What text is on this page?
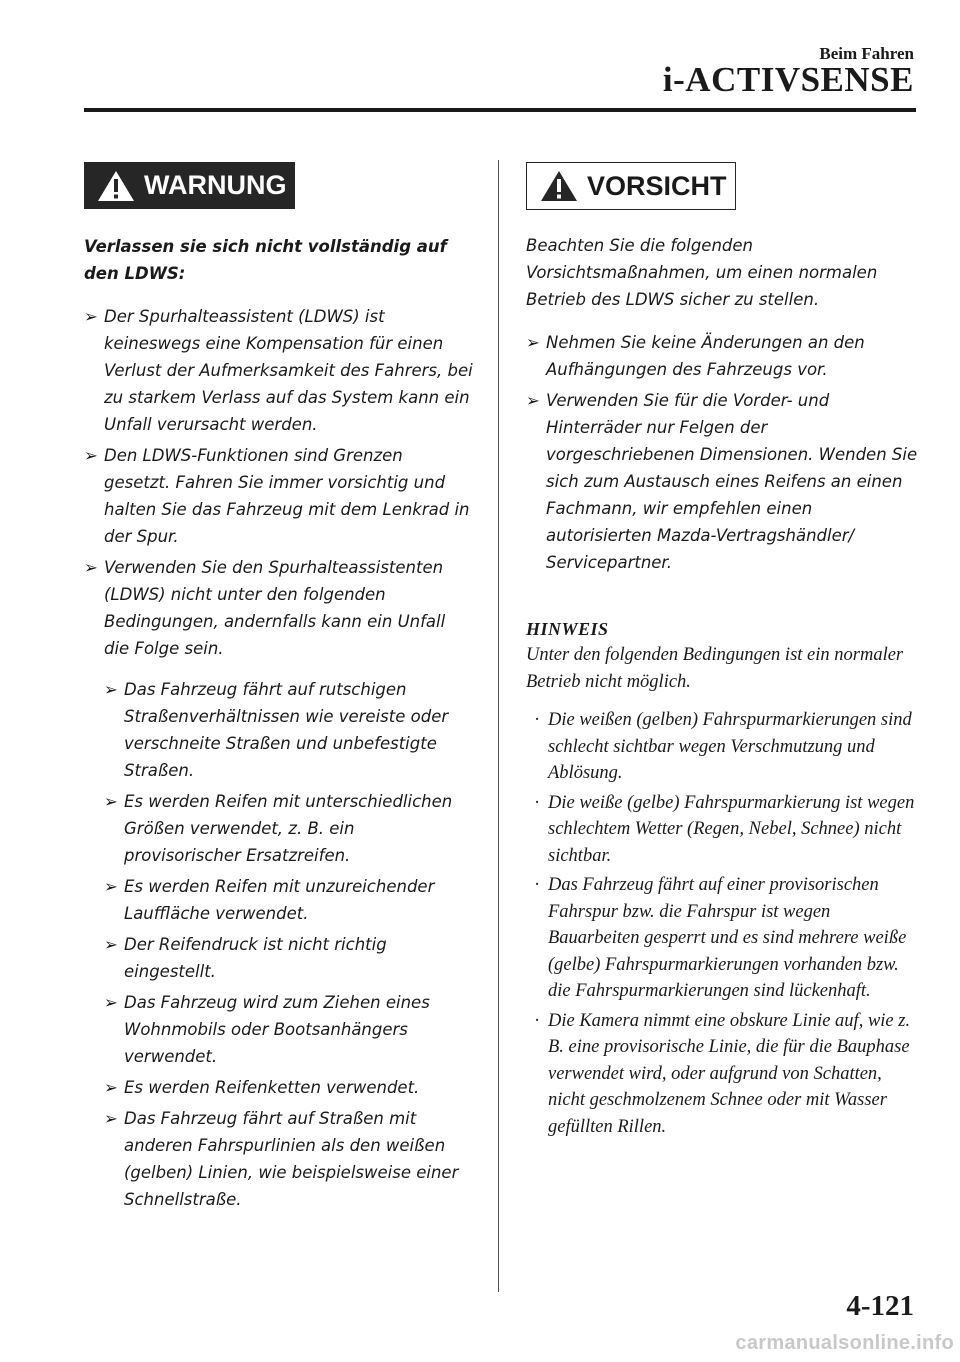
Beim Fahren
i-ACTIVSENSE
WARNUNG
Verlassen sie sich nicht vollständig auf den LDWS:
➢ Der Spurhalteassistent (LDWS) ist keineswegs eine Kompensation für einen Verlust der Aufmerksamkeit des Fahrers, bei zu starkem Verlass auf das System kann ein Unfall verursacht werden.
➢ Den LDWS-Funktionen sind Grenzen gesetzt. Fahren Sie immer vorsichtig und halten Sie das Fahrzeug mit dem Lenkrad in der Spur.
➢ Verwenden Sie den Spurhalteassistenten (LDWS) nicht unter den folgenden Bedingungen, andernfalls kann ein Unfall die Folge sein.
➢ Das Fahrzeug fährt auf rutschigen Straßenverhältnissen wie vereiste oder verschneite Straßen und unbefestigte Straßen.
➢ Es werden Reifen mit unterschiedlichen Größen verwendet, z. B. ein provisorischer Ersatzreifen.
➢ Es werden Reifen mit unzureichender Lauffläche verwendet.
➢ Der Reifendruck ist nicht richtig eingestellt.
➢ Das Fahrzeug wird zum Ziehen eines Wohnmobils oder Bootsanhängers verwendet.
➢ Es werden Reifenketten verwendet.
➢ Das Fahrzeug fährt auf Straßen mit anderen Fahrspurlinien als den weißen (gelben) Linien, wie beispielsweise einer Schnellstraße.
VORSICHT
Beachten Sie die folgenden Vorsichtsmaßnahmen, um einen normalen Betrieb des LDWS sicher zu stellen.
➢ Nehmen Sie keine Änderungen an den Aufhängungen des Fahrzeugs vor.
➢ Verwenden Sie für die Vorder- und Hinterräder nur Felgen der vorgeschriebenen Dimensionen. Wenden Sie sich zum Austausch eines Reifens an einen Fachmann, wir empfehlen einen autorisierten Mazda-Vertragshändler/ Servicepartner.
HINWEIS
Unter den folgenden Bedingungen ist ein normaler Betrieb nicht möglich.
· Die weißen (gelben) Fahrspurmarkierungen sind schlecht sichtbar wegen Verschmutzung und Ablösung.
· Die weiße (gelbe) Fahrspurmarkierung ist wegen schlechtem Wetter (Regen, Nebel, Schnee) nicht sichtbar.
· Das Fahrzeug fährt auf einer provisorischen Fahrspur bzw. die Fahrspur ist wegen Bauarbeiten gesperrt und es sind mehrere weiße (gelbe) Fahrspurmarkierungen vorhanden bzw. die Fahrspurmarkierungen sind lückenhaft.
· Die Kamera nimmt eine obskure Linie auf, wie z. B. eine provisorische Linie, die für die Bauphase verwendet wird, oder aufgrund von Schatten, nicht geschmolzenem Schnee oder mit Wasser gefüllten Rillen.
4-121
carmanualsonline.info
